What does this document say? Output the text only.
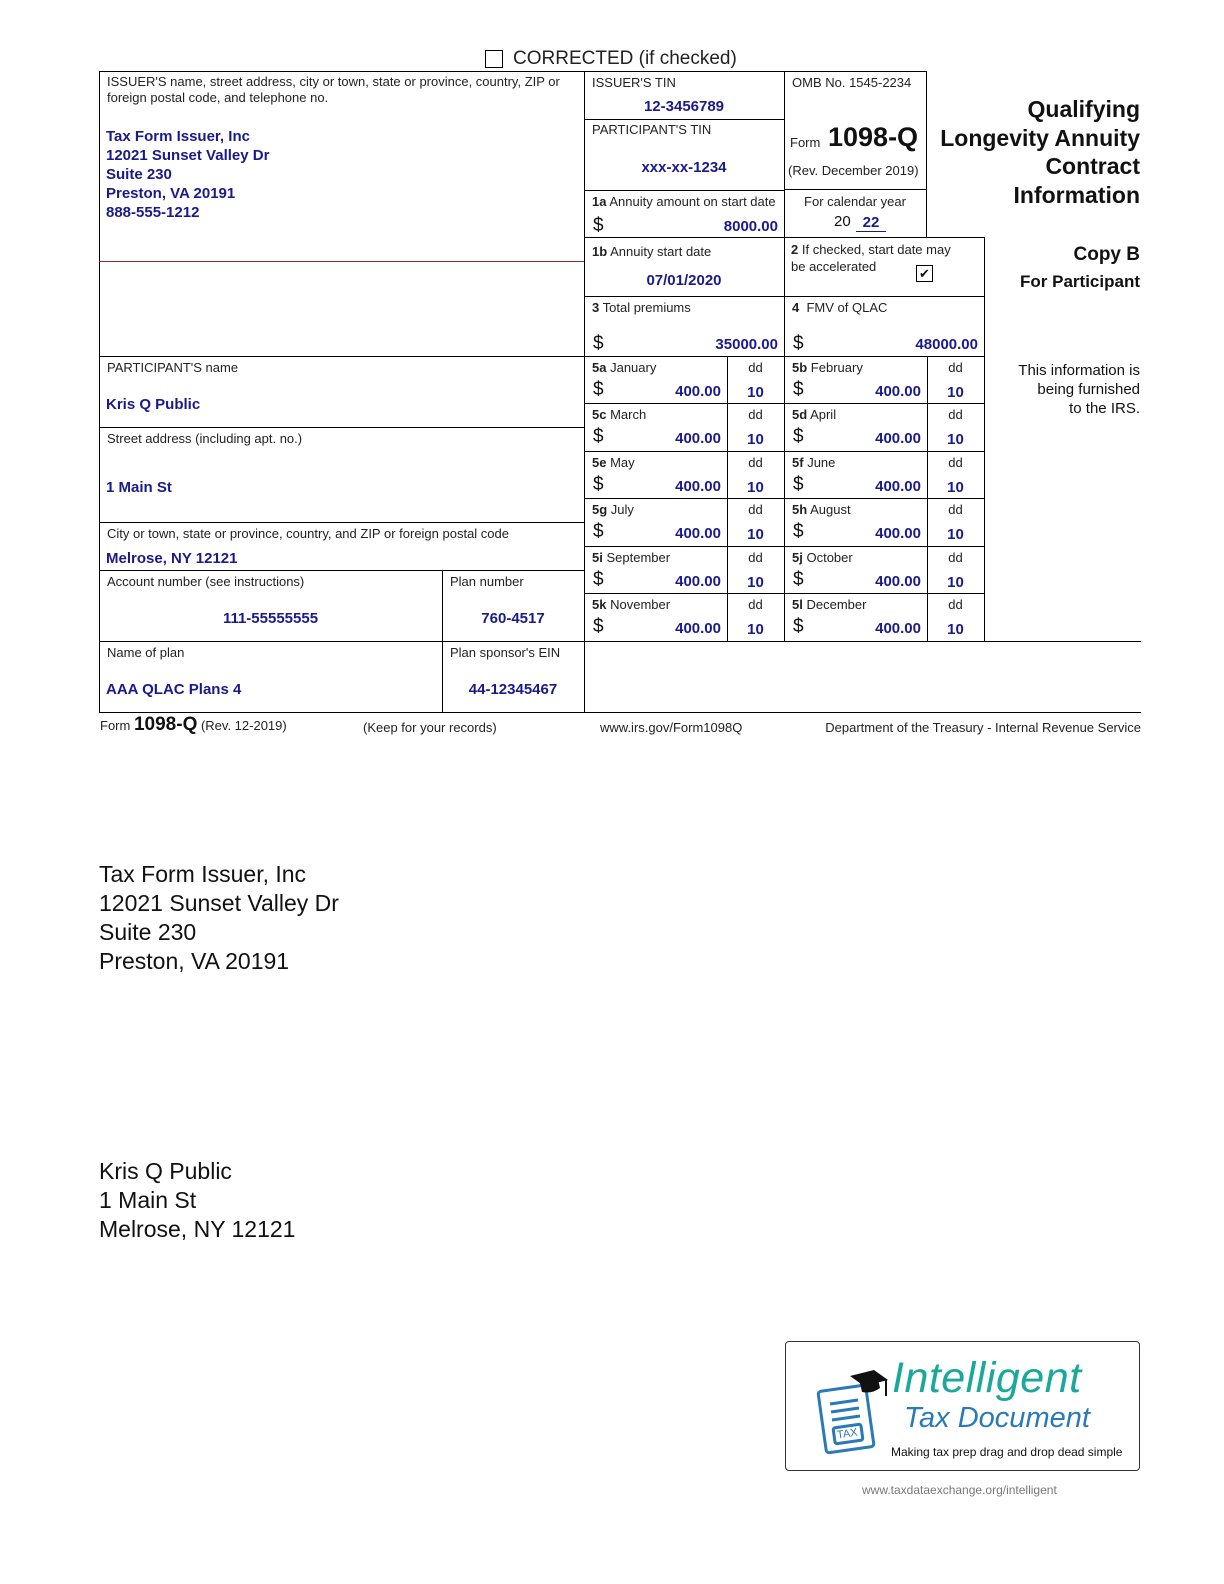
CORRECTED (if checked)
ISSUER'S name, street address, city or town, state or province, country, ZIP or foreign postal code, and telephone no.
Tax Form Issuer, Inc
12021 Sunset Valley Dr
Suite 230
Preston, VA 20191
888-555-1212
ISSUER'S TIN
12-3456789
PARTICIPANT'S TIN
xxx-xx-1234
OMB No. 1545-2234
Form 1098-Q
(Rev. December 2019)
Qualifying
Longevity Annuity
Contract
Information
1a Annuity amount on start date
$	8000.00
For calendar year
20 22
1b Annuity start date
07/01/2020
2 If checked, start date may
be accelerated	✔
Copy B
For Participant
3 Total premiums
$	35000.00
4 FMV of QLAC
$	48000.00
This information is
being furnished
to the IRS.
PARTICIPANT'S name
Kris Q Public
Street address (including apt. no.)
1 Main St
City or town, state or province, country, and ZIP or foreign postal code
Melrose, NY 12121
Account number (see instructions)
111-55555555
Plan number
760-4517
Name of plan
AAA QLAC Plans 4
Plan sponsor's EIN
44-12345467
5a January	dd
$	400.00	10
5b February	dd
$	400.00	10
5c March	dd
$	400.00	10
5d April	dd
$	400.00	10
5e May	dd
$	400.00	10
5f June	dd
$	400.00	10
5g July	dd
$	400.00	10
5h August	dd
$	400.00	10
5i September	dd
$	400.00	10
5j October	dd
$	400.00	10
5k November	dd
$	400.00	10
5l December	dd
$	400.00	10
Form 1098-Q (Rev. 12-2019)	(Keep for your records)	www.irs.gov/Form1098Q	Department of the Treasury - Internal Revenue Service
Tax Form Issuer, Inc
12021 Sunset Valley Dr
Suite 230
Preston, VA 20191
Kris Q Public
1 Main St
Melrose, NY 12121
TAX
Intelligent
Tax Document
Making tax prep drag and drop dead simple
www.taxdataexchange.org/intelligent
